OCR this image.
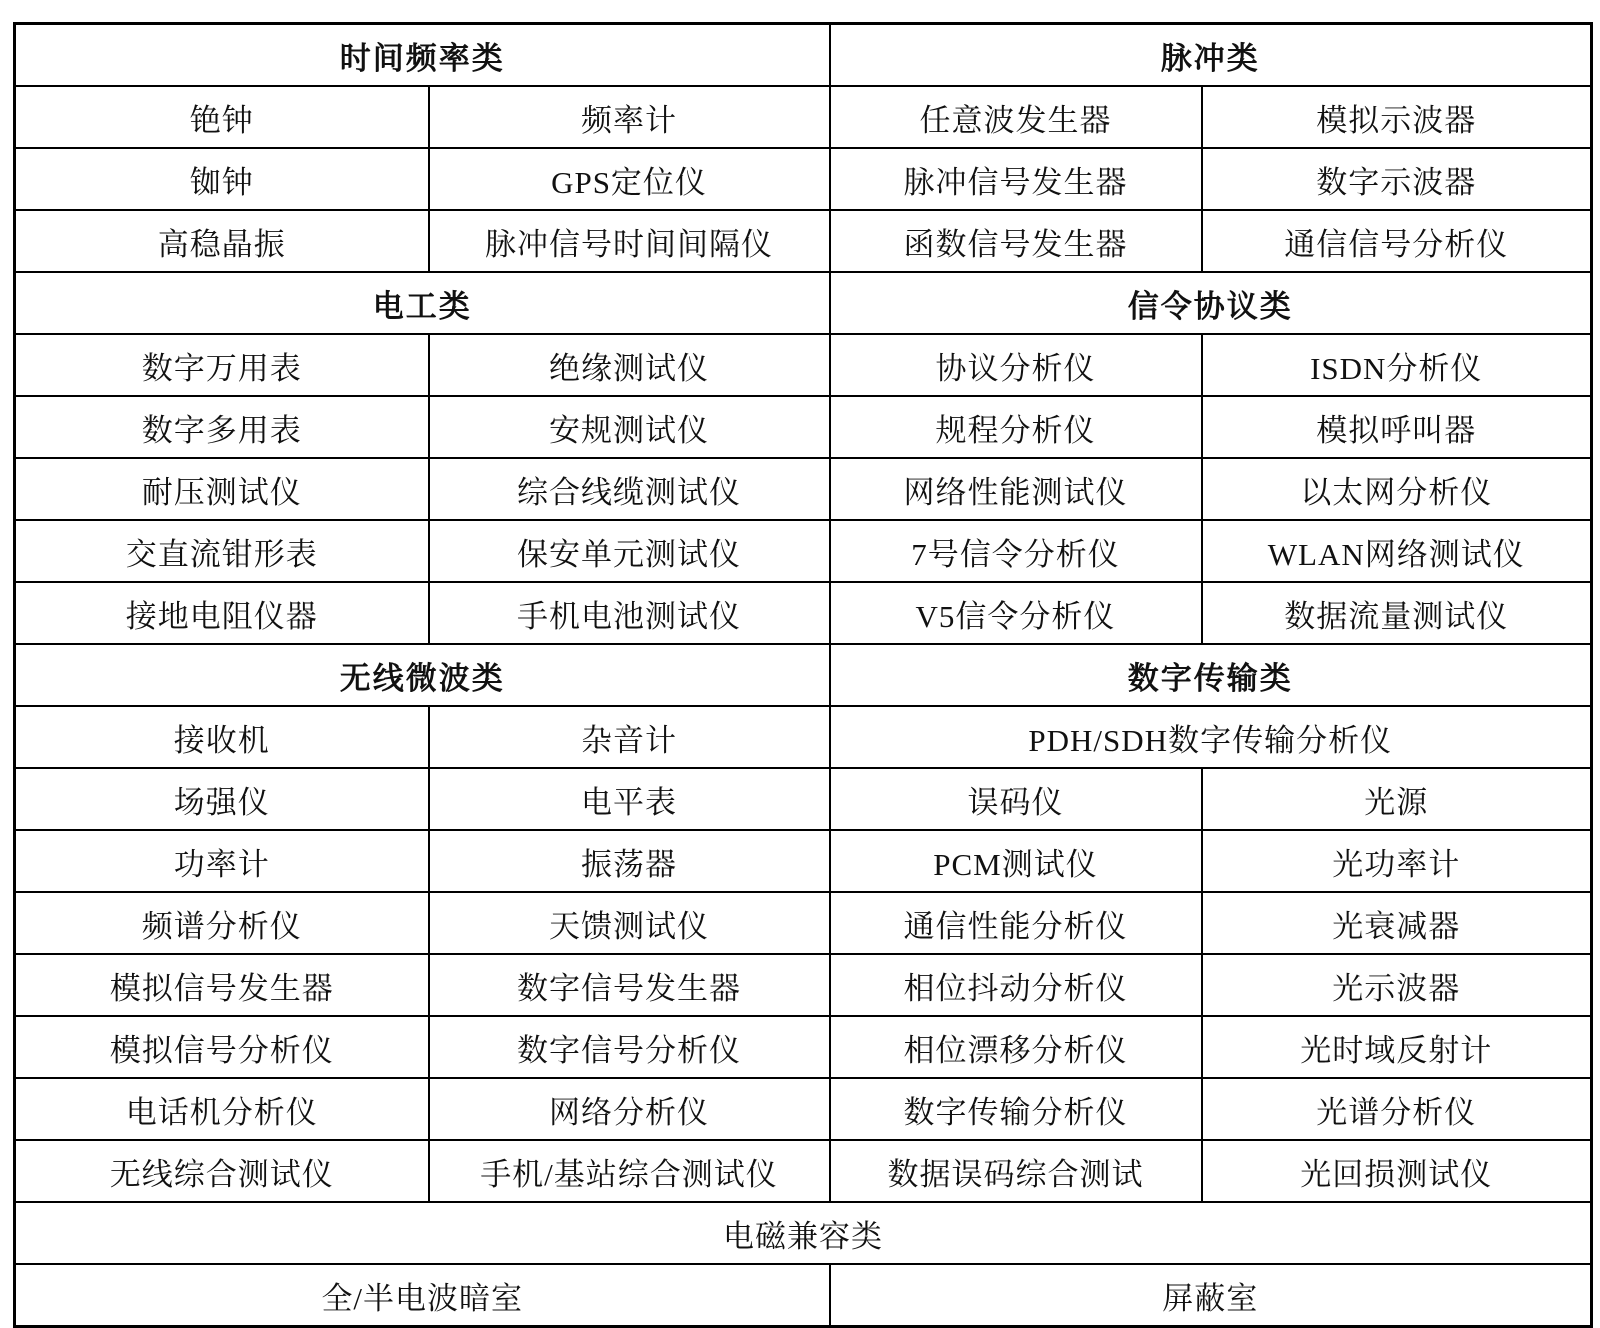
时间频率类		脉冲类	
铯钟	频率计	任意波发生器	模拟示波器
铷钟	GPS定位仪	脉冲信号发生器	数字示波器
高稳晶振	脉冲信号时间间隔仪	函数信号发生器	通信信号分析仪
电工类		信令协议类	
数字万用表	绝缘测试仪	协议分析仪	ISDN分析仪
数字多用表	安规测试仪	规程分析仪	模拟呼叫器
耐压测试仪	综合线缆测试仪	网络性能测试仪	以太网分析仪
交直流钳形表	保安单元测试仪	7号信令分析仪	WLAN网络测试仪
接地电阻仪器	手机电池测试仪	V5信令分析仪	数据流量测试仪
无线微波类		数字传输类	
接收机	杂音计	PDH/SDH数字传输分析仪	
场强仪	电平表	误码仪	光源
功率计	振荡器	PCM测试仪	光功率计
频谱分析仪	天馈测试仪	通信性能分析仪	光衰减器
模拟信号发生器	数字信号发生器	相位抖动分析仪	光示波器
模拟信号分析仪	数字信号分析仪	相位漂移分析仪	光时域反射计
电话机分析仪	网络分析仪	数字传输分析仪	光谱分析仪
无线综合测试仪	手机/基站综合测试仪	数据误码综合测试	光回损测试仪
电磁兼容类			
全/半电波暗室		屏蔽室	
